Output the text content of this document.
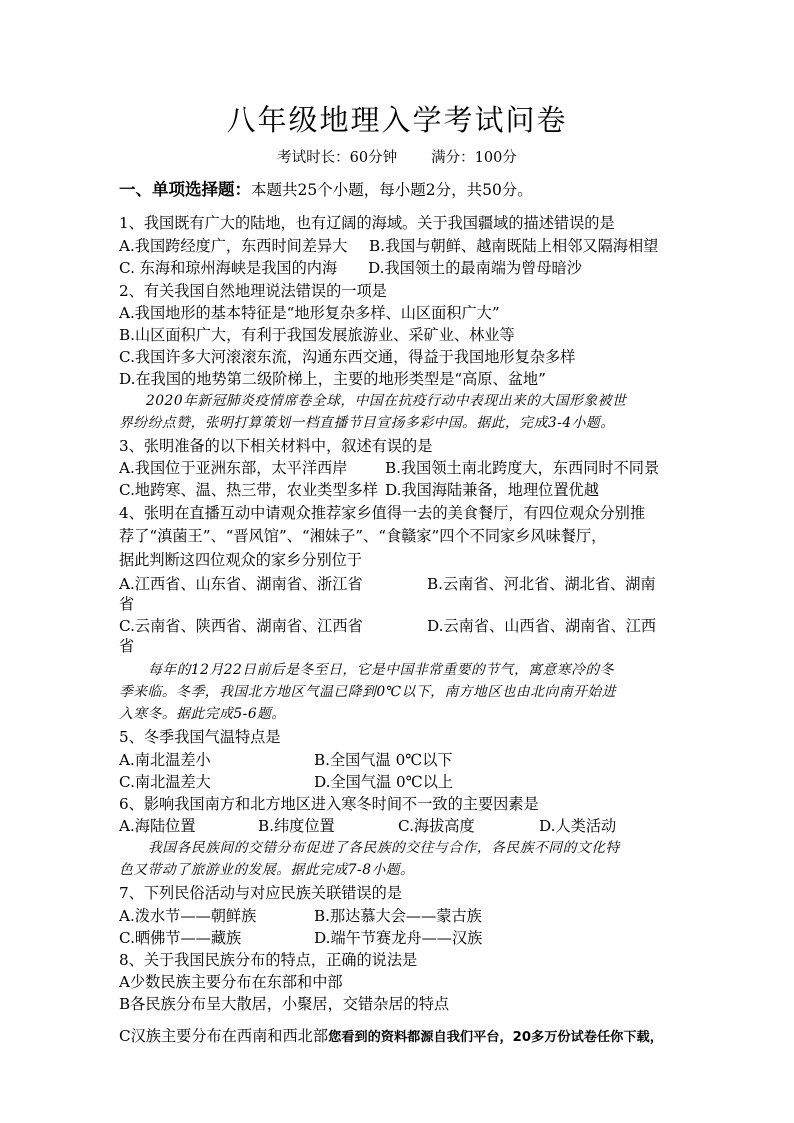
八年级地理入学考试问卷
考试时长：60分钟 满分：100分
一、单项选择题：本题共25个小题，每小题2分，共50分。
1、我国既有广大的陆地，也有辽阔的海域。关于我国疆域的描述错误的是
A.我国跨经度广，东西时间差异大 B.我国与朝鲜、越南既陆上相邻又隔海相望
C. 东海和琼州海峡是我国的内海 D.我国领土的最南端为曾母暗沙
2、有关我国自然地理说法错误的一项是
A.我国地形的基本特征是“地形复杂多样、山区面积广大”
B.山区面积广大，有利于我国发展旅游业、采矿业、林业等
C.我国许多大河滚滚东流，沟通东西交通，得益于我国地形复杂多样
D.在我国的地势第二级阶梯上，主要的地形类型是“高原、盆地”
2020年新冠肺炎疫情席卷全球，中国在抗疫行动中表现出来的大国形象被世
界纷纷点赞，张明打算策划一档直播节目宣扬多彩中国。据此，完成3-4小题。
3、张明准备的以下相关材料中，叙述有误的是
A.我国位于亚洲东部，太平洋西岸 B.我国领土南北跨度大，东西同时不同景
C.地跨寒、温、热三带，农业类型多样 D.我国海陆兼备，地理位置优越
4、张明在直播互动中请观众推荐家乡值得一去的美食餐厅，有四位观众分别推
荐了“滇菌王”、“晋风馆”、“湘妹子”、“食赣家”四个不同家乡风味餐厅，
据此判断这四位观众的家乡分别位于
A.江西省、山东省、湖南省、浙江省	B.云南省、河北省、湖北省、湖南
省
C.云南省、陕西省、湖南省、江西省	D.云南省、山西省、湖南省、江西
省
每年的12月22日前后是冬至日，它是中国非常重要的节气，寓意寒冷的冬
季来临。冬季，我国北方地区气温已降到0℃以下，南方地区也由北向南开始进
入寒冬。据此完成5-6题。
5、冬季我国气温特点是
A.南北温差小	B.全国气温 0℃以下
C.南北温差大	D.全国气温 0℃以上
6、影响我国南方和北方地区进入寒冬时间不一致的主要因素是
A.海陆位置	B.纬度位置	C.海拔高度	D.人类活动
我国各民族间的交错分布促进了各民族的交往与合作，各民族不同的文化特
色又带动了旅游业的发展。据此完成7-8小题。
7、下列民俗活动与对应民族关联错误的是
A.泼水节——朝鲜族	B.那达慕大会——蒙古族
C.晒佛节——藏族	D.端午节赛龙舟——汉族
8、关于我国民族分布的特点，正确的说法是
A少数民族主要分布在东部和中部
B各民族分布呈大散居，小聚居，交错杂居的特点
C汉族主要分布在西南和西北部您看到的资料都源自我们平台，20多万份试卷任你下载，
